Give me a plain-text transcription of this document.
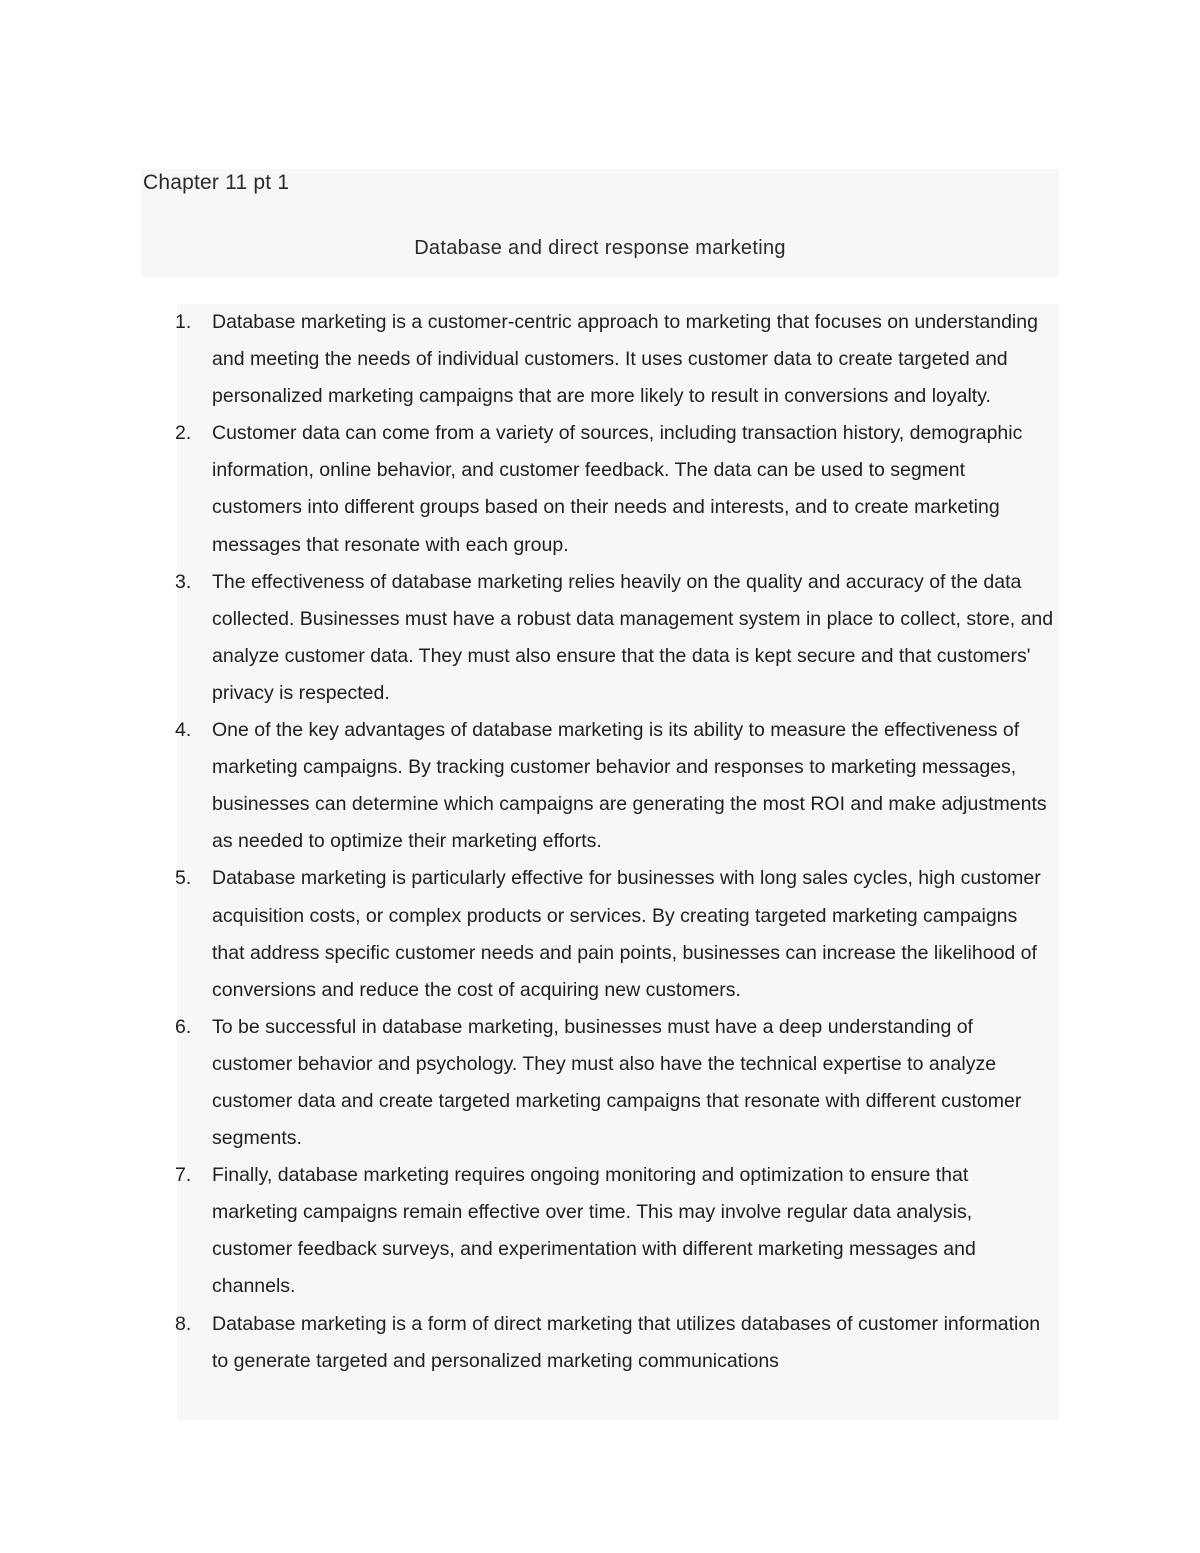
Chapter 11 pt 1
Database and direct response marketing
1.	Database marketing is a customer-centric approach to marketing that focuses on understanding and meeting the needs of individual customers. It uses customer data to create targeted and personalized marketing campaigns that are more likely to result in conversions and loyalty.
2.	Customer data can come from a variety of sources, including transaction history, demographic information, online behavior, and customer feedback. The data can be used to segment customers into different groups based on their needs and interests, and to create marketing messages that resonate with each group.
3.	The effectiveness of database marketing relies heavily on the quality and accuracy of the data collected. Businesses must have a robust data management system in place to collect, store, and analyze customer data. They must also ensure that the data is kept secure and that customers' privacy is respected.
4.	One of the key advantages of database marketing is its ability to measure the effectiveness of marketing campaigns. By tracking customer behavior and responses to marketing messages, businesses can determine which campaigns are generating the most ROI and make adjustments as needed to optimize their marketing efforts.
5.	Database marketing is particularly effective for businesses with long sales cycles, high customer acquisition costs, or complex products or services. By creating targeted marketing campaigns that address specific customer needs and pain points, businesses can increase the likelihood of conversions and reduce the cost of acquiring new customers.
6.	To be successful in database marketing, businesses must have a deep understanding of customer behavior and psychology. They must also have the technical expertise to analyze customer data and create targeted marketing campaigns that resonate with different customer segments.
7.	Finally, database marketing requires ongoing monitoring and optimization to ensure that marketing campaigns remain effective over time. This may involve regular data analysis, customer feedback surveys, and experimentation with different marketing messages and channels.
8.	Database marketing is a form of direct marketing that utilizes databases of customer information to generate targeted and personalized marketing communications
